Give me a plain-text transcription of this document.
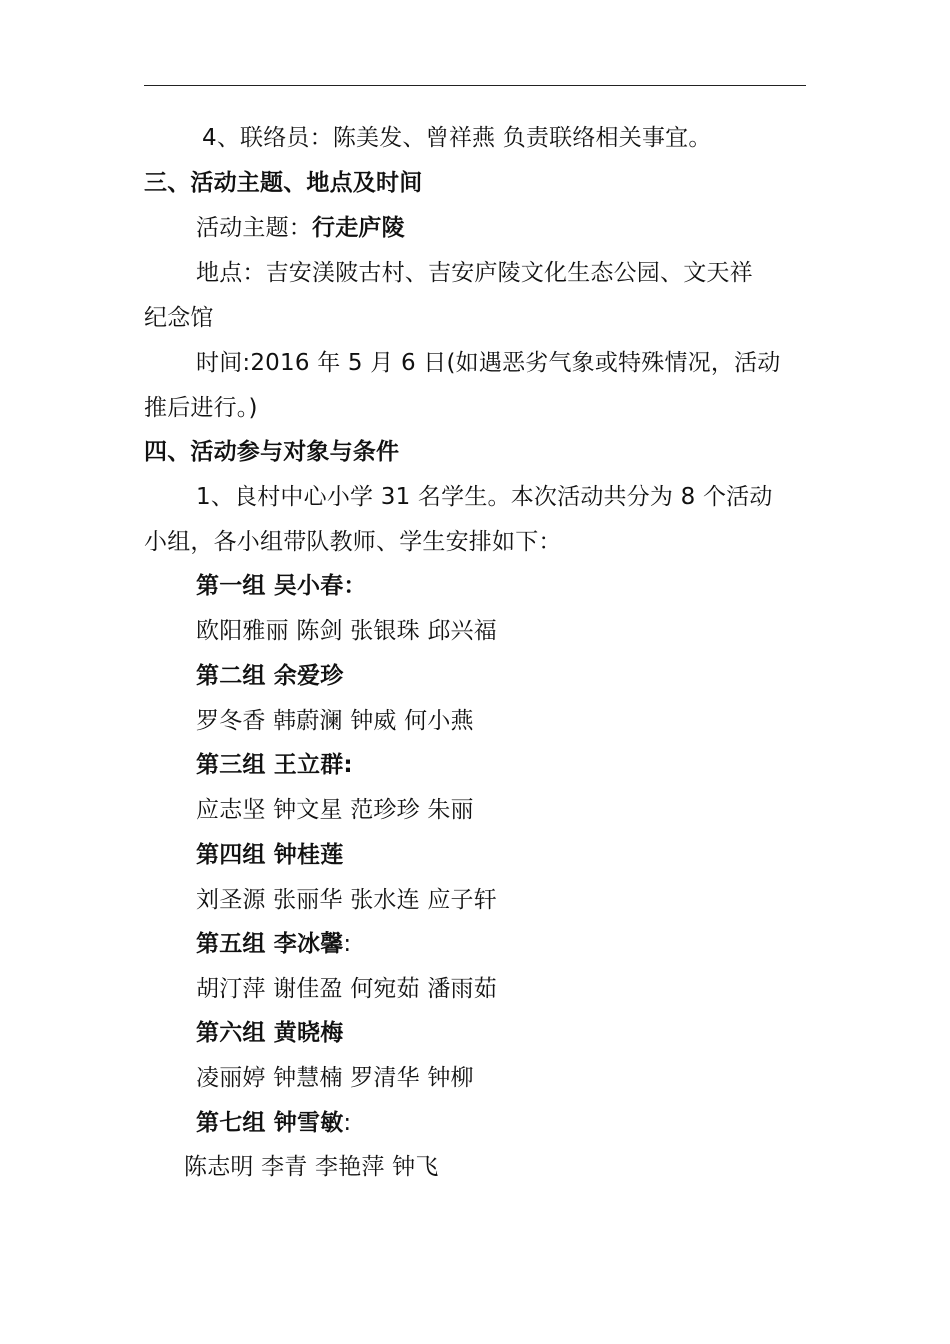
4、联络员：陈美发、曾祥燕 负责联络相关事宜。
三、活动主题、地点及时间
活动主题：行走庐陵
地点：吉安渼陂古村、吉安庐陵文化生态公园、文天祥
纪念馆
时间:2016 年 5 月 6 日(如遇恶劣气象或特殊情况，活动
推后进行。)
四、活动参与对象与条件
1、良村中心小学 31 名学生。本次活动共分为 8 个活动
小组，各小组带队教师、学生安排如下：
第一组 吴小春：
欧阳雅丽 陈剑 张银珠 邱兴福
第二组 余爱珍
罗冬香 韩蔚澜 钟威 何小燕
第三组 王立群:
应志坚 钟文星 范珍珍 朱丽
第四组 钟桂莲
刘圣源 张丽华 张水连 应子轩
第五组 李冰馨:
胡汀萍 谢佳盈 何宛茹 潘雨茹
第六组 黄晓梅
凌丽婷 钟慧楠 罗清华 钟柳
第七组 钟雪敏:
陈志明 李青 李艳萍 钟飞
